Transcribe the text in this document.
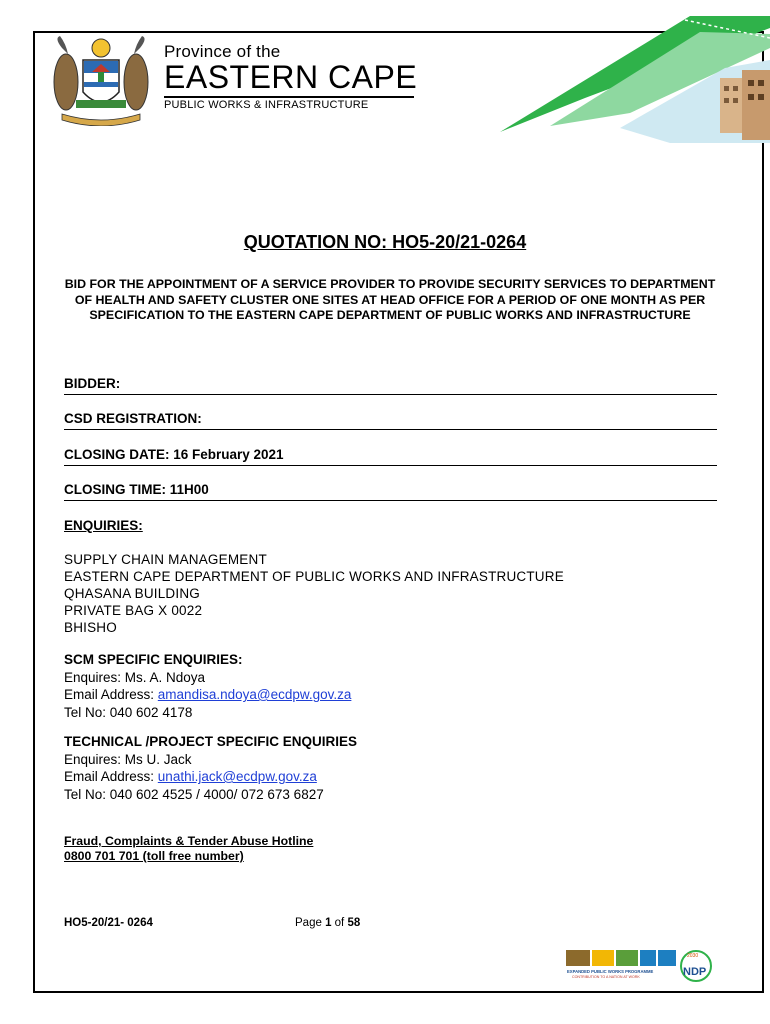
Province of the
EASTERN CAPE
PUBLIC WORKS & INFRASTRUCTURE
QUOTATION NO: HO5-20/21-0264
BID FOR THE APPOINTMENT OF A SERVICE PROVIDER TO PROVIDE SECURITY SERVICES TO DEPARTMENT OF HEALTH AND SAFETY CLUSTER ONE SITES AT HEAD OFFICE FOR A PERIOD OF ONE MONTH AS PER SPECIFICATION TO THE EASTERN CAPE DEPARTMENT OF PUBLIC WORKS AND INFRASTRUCTURE
BIDDER:
CSD REGISTRATION:
CLOSING DATE: 16 February 2021
CLOSING TIME: 11H00
ENQUIRIES:
SUPPLY CHAIN MANAGEMENT
EASTERN CAPE DEPARTMENT OF PUBLIC WORKS AND INFRASTRUCTURE
QHASANA BUILDING
PRIVATE BAG X 0022
BHISHO
SCM SPECIFIC ENQUIRIES:
Enquires: Ms. A. Ndoya
Email Address: amandisa.ndoya@ecdpw.gov.za
Tel No: 040 602 4178
TECHNICAL /PROJECT SPECIFIC ENQUIRIES
Enquires: Ms U. Jack
Email Address: unathi.jack@ecdpw.gov.za
Tel No: 040 602 4525 / 4000/ 072 673 6827
Fraud, Complaints & Tender Abuse Hotline
0800 701 701 (toll free number)
HO5-20/21- 0264	Page 1 of 58
EXPANDED PUBLIC WORKS PROGRAMME
CONTRIBUTION TO A NATION AT WORK
2030
NDP
